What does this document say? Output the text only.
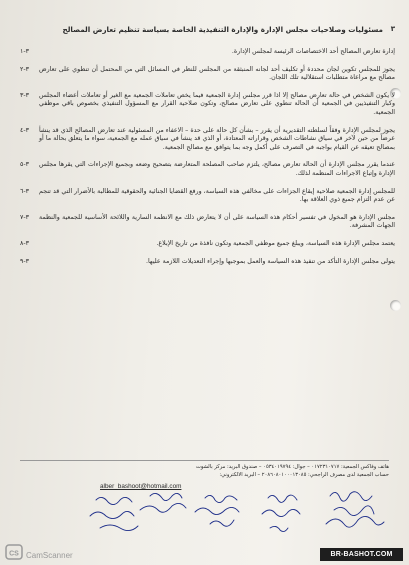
٣
مسئوليات وصلاحيات مجلس الإدارة والإدارة التنفيذية الخاصة بسياسة تنظيم تعارض المصالح
إدارة تعارض المصالح أحد الاختصاصات الرئيسة لمجلس الإدارة.
٣-١
يجوز للمجلس تكوين لجان محددة أو تكليف أحد لجانه المنبثقة من المجلس للنظر في المسائل التي من المحتمل أن تنطوي على تعارض مصالح مع مراعاة متطلبات استقلالية تلك اللجان.
٣-٢
لا يكون الشخص في حالة تعارض مصالح إلا اذا قرر مجلس إدارة الجمعية فيما يخص تعاملات الجمعية مع الغير أو تعاملات أعضاء المجلس وكبار التنفيذيين في الجمعية أن الحالة تنطوي على تعارض مصالح، وتكون صلاحية القرار مع المسؤول التنفيذي بخصوص باقي موظفي الجمعية.
٣-٣
يجوز لمجلس الإدارة وفقاً لسلطته التقديرية أن يقرر – بشأن كل حالة على حدة – الاعفاء من المسئولية عند تعارض المصالح الذي قد ينشأ عرضاً من حين لآخر في سياق نشاطات الشخص وقراراته المعتادة، أو الذي قد ينشأ في سياق عمله مع الجمعية، سواء ما يتعلق بحالة ما أو بمصالح تعيقه عن القيام بواجبه في التصرف على أكمل وجه بما يتوافق مع مصالح الجمعية.
٣-٤
عندما يقرر مجلس الإدارة أن الحالة تعارض مصالح، يلتزم صاحب المصلحة المتعارضة بتصحيح وضعه وبجميع الإجراءات التي يقرها مجلس الإدارة وإتباع الاجراءات المنظمة لذلك.
٣-٥
للمجلس إدارة الجمعية صلاحية إيقاع الجزاءات على مخالفي هذه السياسة، ورفع القضايا الجنائية والحقوقية للمطالبة بالأضرار التي قد تنجم عن عدم التزام جميع ذوي العلاقة بها.
٣-٦
مجلس الإدارة هو المخول في تفسير أحكام هذه السياسة على أن لا يتعارض ذلك مع الانظمة السارية واللائحة الأساسية للجمعية والنظمة الجهات المشرفة.
٣-٧
يعتمد مجلس الإدارة هذه السياسة، ويبلغ جميع موظفي الجمعية وتكون نافذة من تاريخ الإبلاغ.
٣-٨
يتولى مجلس الإدارة التأكد من تنفيذ هذه السياسة والعمل بموجبها وإجراء التعديلات اللازمة عليها.
٣-٩
هاتف وفاكس الجمعية: ٠١٧٢٣١٠٧١٧ – جوال: ٠٥٣٤٠١٩٧٩٤ – صندوق البريد: مركز بالشوت
حساب الجمعية لدى مصرف الراجحي: ٢٠٨٦٠٨٠١٠٠٠١٣٠٨٥ – البريد الالكتروني:
alber_bashoot@hotmail.com
CS CamScanner	BR-BASHOT.COM
